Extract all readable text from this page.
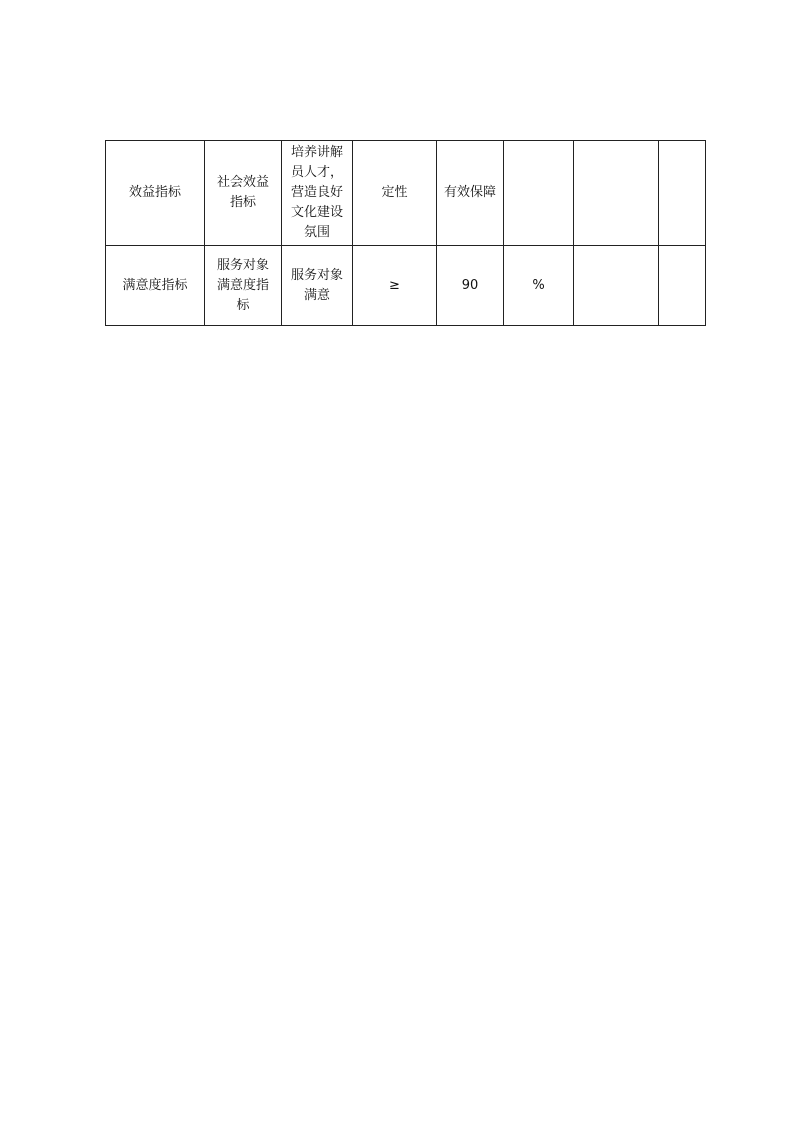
效益指标	社会效益指标	培养讲解员人才，营造良好文化建设氛围	定性	有效保障			

满意度指标	服务对象满意度指标	服务对象满意	≥	90	%		
